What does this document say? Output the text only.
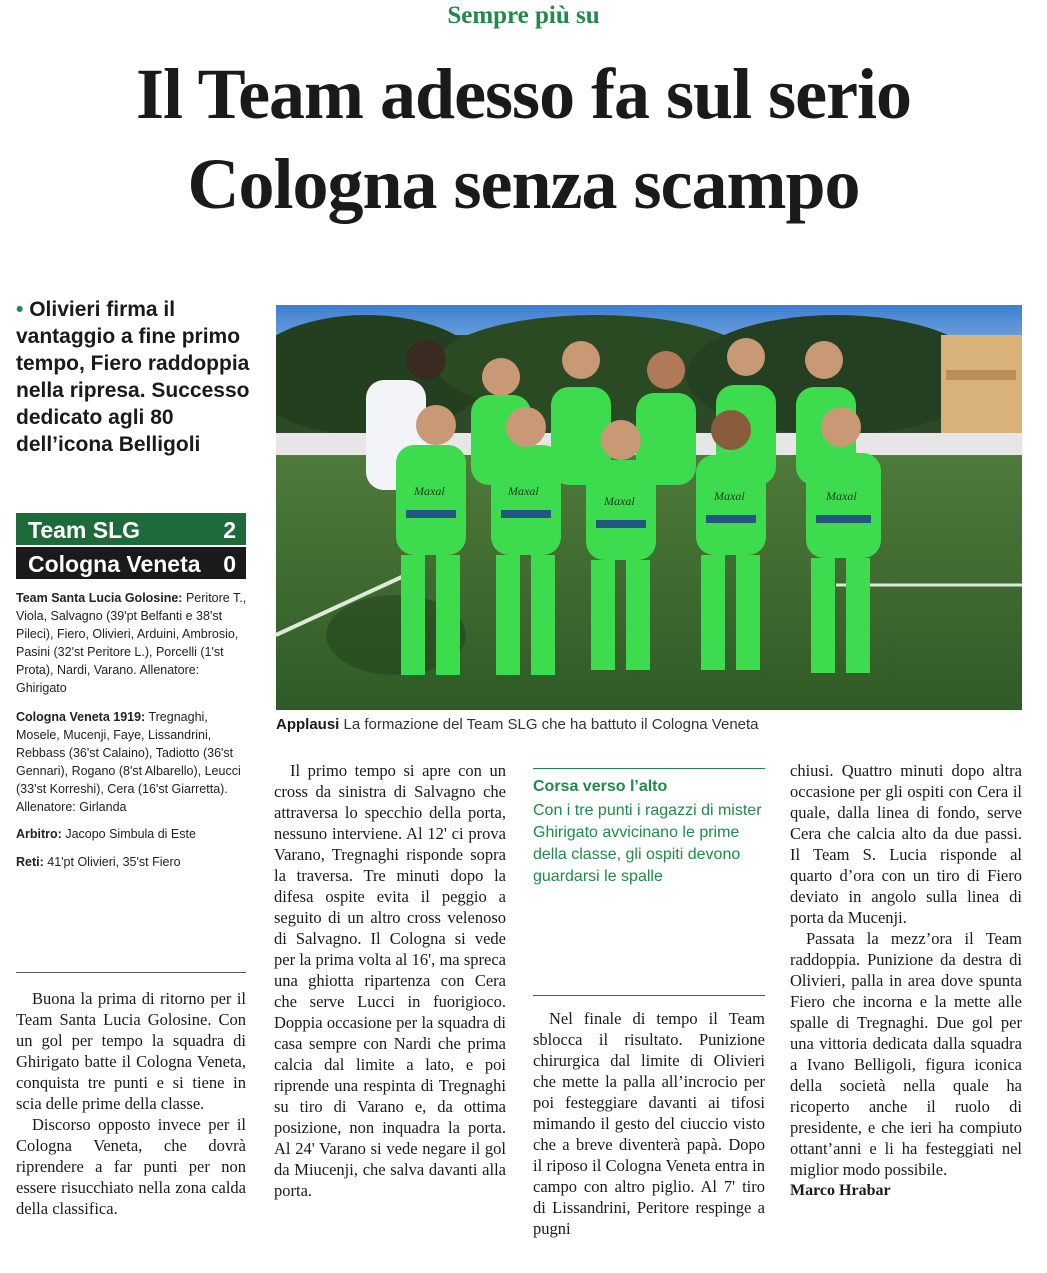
Sempre più su
Il Team adesso fa sul serio
Cologna senza scampo
• Olivieri firma il vantaggio a fine primo tempo, Fiero raddoppia nella ripresa. Successo dedicato agli 80 dell’icona Belligoli
Team SLG	2
Cologna Veneta 0
Team Santa Lucia Golosine: Peritore T., Viola, Salvagno (39'pt Belfanti e 38'st Pileci), Fiero, Olivieri, Arduini, Ambrosio, Pasini (32'st Peritore L.), Porcelli (1'st Prota), Nardi, Varano. Allenatore: Ghirigato
Cologna Veneta 1919: Tregnaghi, Mosele, Mucenji, Faye, Lissandrini, Rebbass (36'st Calaino), Tadiotto (36'st Gennari), Rogano (8'st Albarello), Leucci (33'st Korreshi), Cera (16'st Giarretta). Allenatore: Girlanda
Arbitro: Jacopo Simbula di Este
Reti: 41'pt Olivieri, 35'st Fiero
Maxal	Maxal
Maxal	Maxal	Maxal
Applausi La formazione del Team SLG che ha battuto il Cologna Veneta

Buona la prima di ritorno per il Team Santa Lucia Golosine. Con un gol per tempo la squadra di Ghirigato batte il Cologna Veneta, conquista tre punti e si tiene in scia delle prime della classe.

Discorso opposto invece per il Cologna Veneta, che dovrà riprendere a far punti per non essere risucchiato nella zona calda della classifica.

Il primo tempo si apre con un cross da sinistra di Salvagno che attraversa lo specchio della porta, nessuno interviene. Al 12' ci prova Varano, Tregnaghi risponde sopra la traversa. Tre minuti dopo la difesa ospite evita il peggio a seguito di un altro cross velenoso di Salvagno. Il Cologna si vede per la prima volta al 16', ma spreca una ghiotta ripartenza con Cera che serve Lucci in fuorigioco. Doppia occasione per la squadra di casa sempre con Nardi che prima calcia dal limite a lato, e poi riprende una respinta di Tregnaghi su tiro di Varano e, da ottima posizione, non inquadra la porta. Al 24' Varano si vede negare il gol da Miucenji, che salva davanti alla porta.

Corsa verso l’alto
Con i tre punti i ragazzi di mister Ghirigato avvicinano le prime della classe, gli ospiti devono guardarsi le spalle

Nel finale di tempo il Team sblocca il risultato. Punizione chirurgica dal limite di Olivieri che mette la palla all’incrocio per poi festeggiare davanti ai tifosi mimando il gesto del ciuccio visto che a breve diventerà papà. Dopo il riposo il Cologna Veneta entra in campo con altro piglio. Al 7' tiro di Lissandrini, Peritore respinge a pugni

chiusi. Quattro minuti dopo altra occasione per gli ospiti con Cera il quale, dalla linea di fondo, serve Cera che calcia alto da due passi. Il Team S. Lucia risponde al quarto d’ora con un tiro di Fiero deviato in angolo sulla linea di porta da Mucenji.

Passata la mezz’ora il Team raddoppia. Punizione da destra di Olivieri, palla in area dove spunta Fiero che incorna e la mette alle spalle di Tregnaghi. Due gol per una vittoria dedicata dalla squadra a Ivano Belligoli, figura iconica della società nella quale ha ricoperto anche il ruolo di presidente, e che ieri ha compiuto ottant’anni e li ha festeggiati nel miglior modo possibile.

Marco Hrabar
